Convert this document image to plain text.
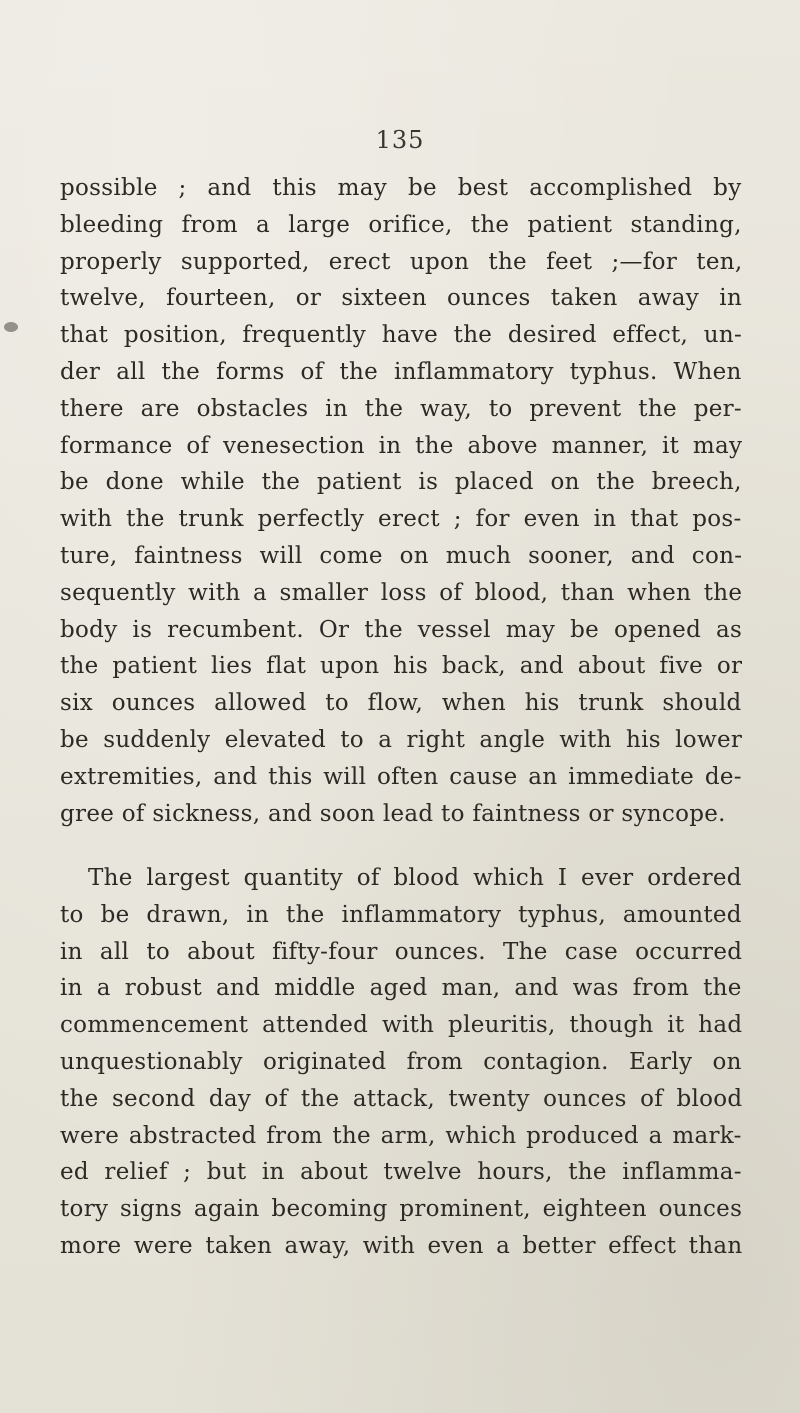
135
possible ; and this may be best accomplished by
bleeding from a large orifice, the patient standing,
properly supported, erect upon the feet ;—for ten,
twelve, fourteen, or sixteen ounces taken away in
that position, frequently have the desired effect, un-
der all the forms of the inflammatory typhus. When
there are obstacles in the way, to prevent the per-
formance of venesection in the above manner, it may
be done while the patient is placed on the breech,
with the trunk perfectly erect ; for even in that pos-
ture, faintness will come on much sooner, and con-
sequently with a smaller loss of blood, than when the
body is recumbent. Or the vessel may be opened as
the patient lies flat upon his back, and about five or
six ounces allowed to flow, when his trunk should
be suddenly elevated to a right angle with his lower
extremities, and this will often cause an immediate de-
gree of sickness, and soon lead to faintness or syncope.
The largest quantity of blood which I ever ordered
to be drawn, in the inflammatory typhus, amounted
in all to about fifty-four ounces. The case occurred
in a robust and middle aged man, and was from the
commencement attended with pleuritis, though it had
unquestionably originated from contagion. Early on
the second day of the attack, twenty ounces of blood
were abstracted from the arm, which produced a mark-
ed relief ; but in about twelve hours, the inflamma-
tory signs again becoming prominent, eighteen ounces
more were taken away, with even a better effect than
